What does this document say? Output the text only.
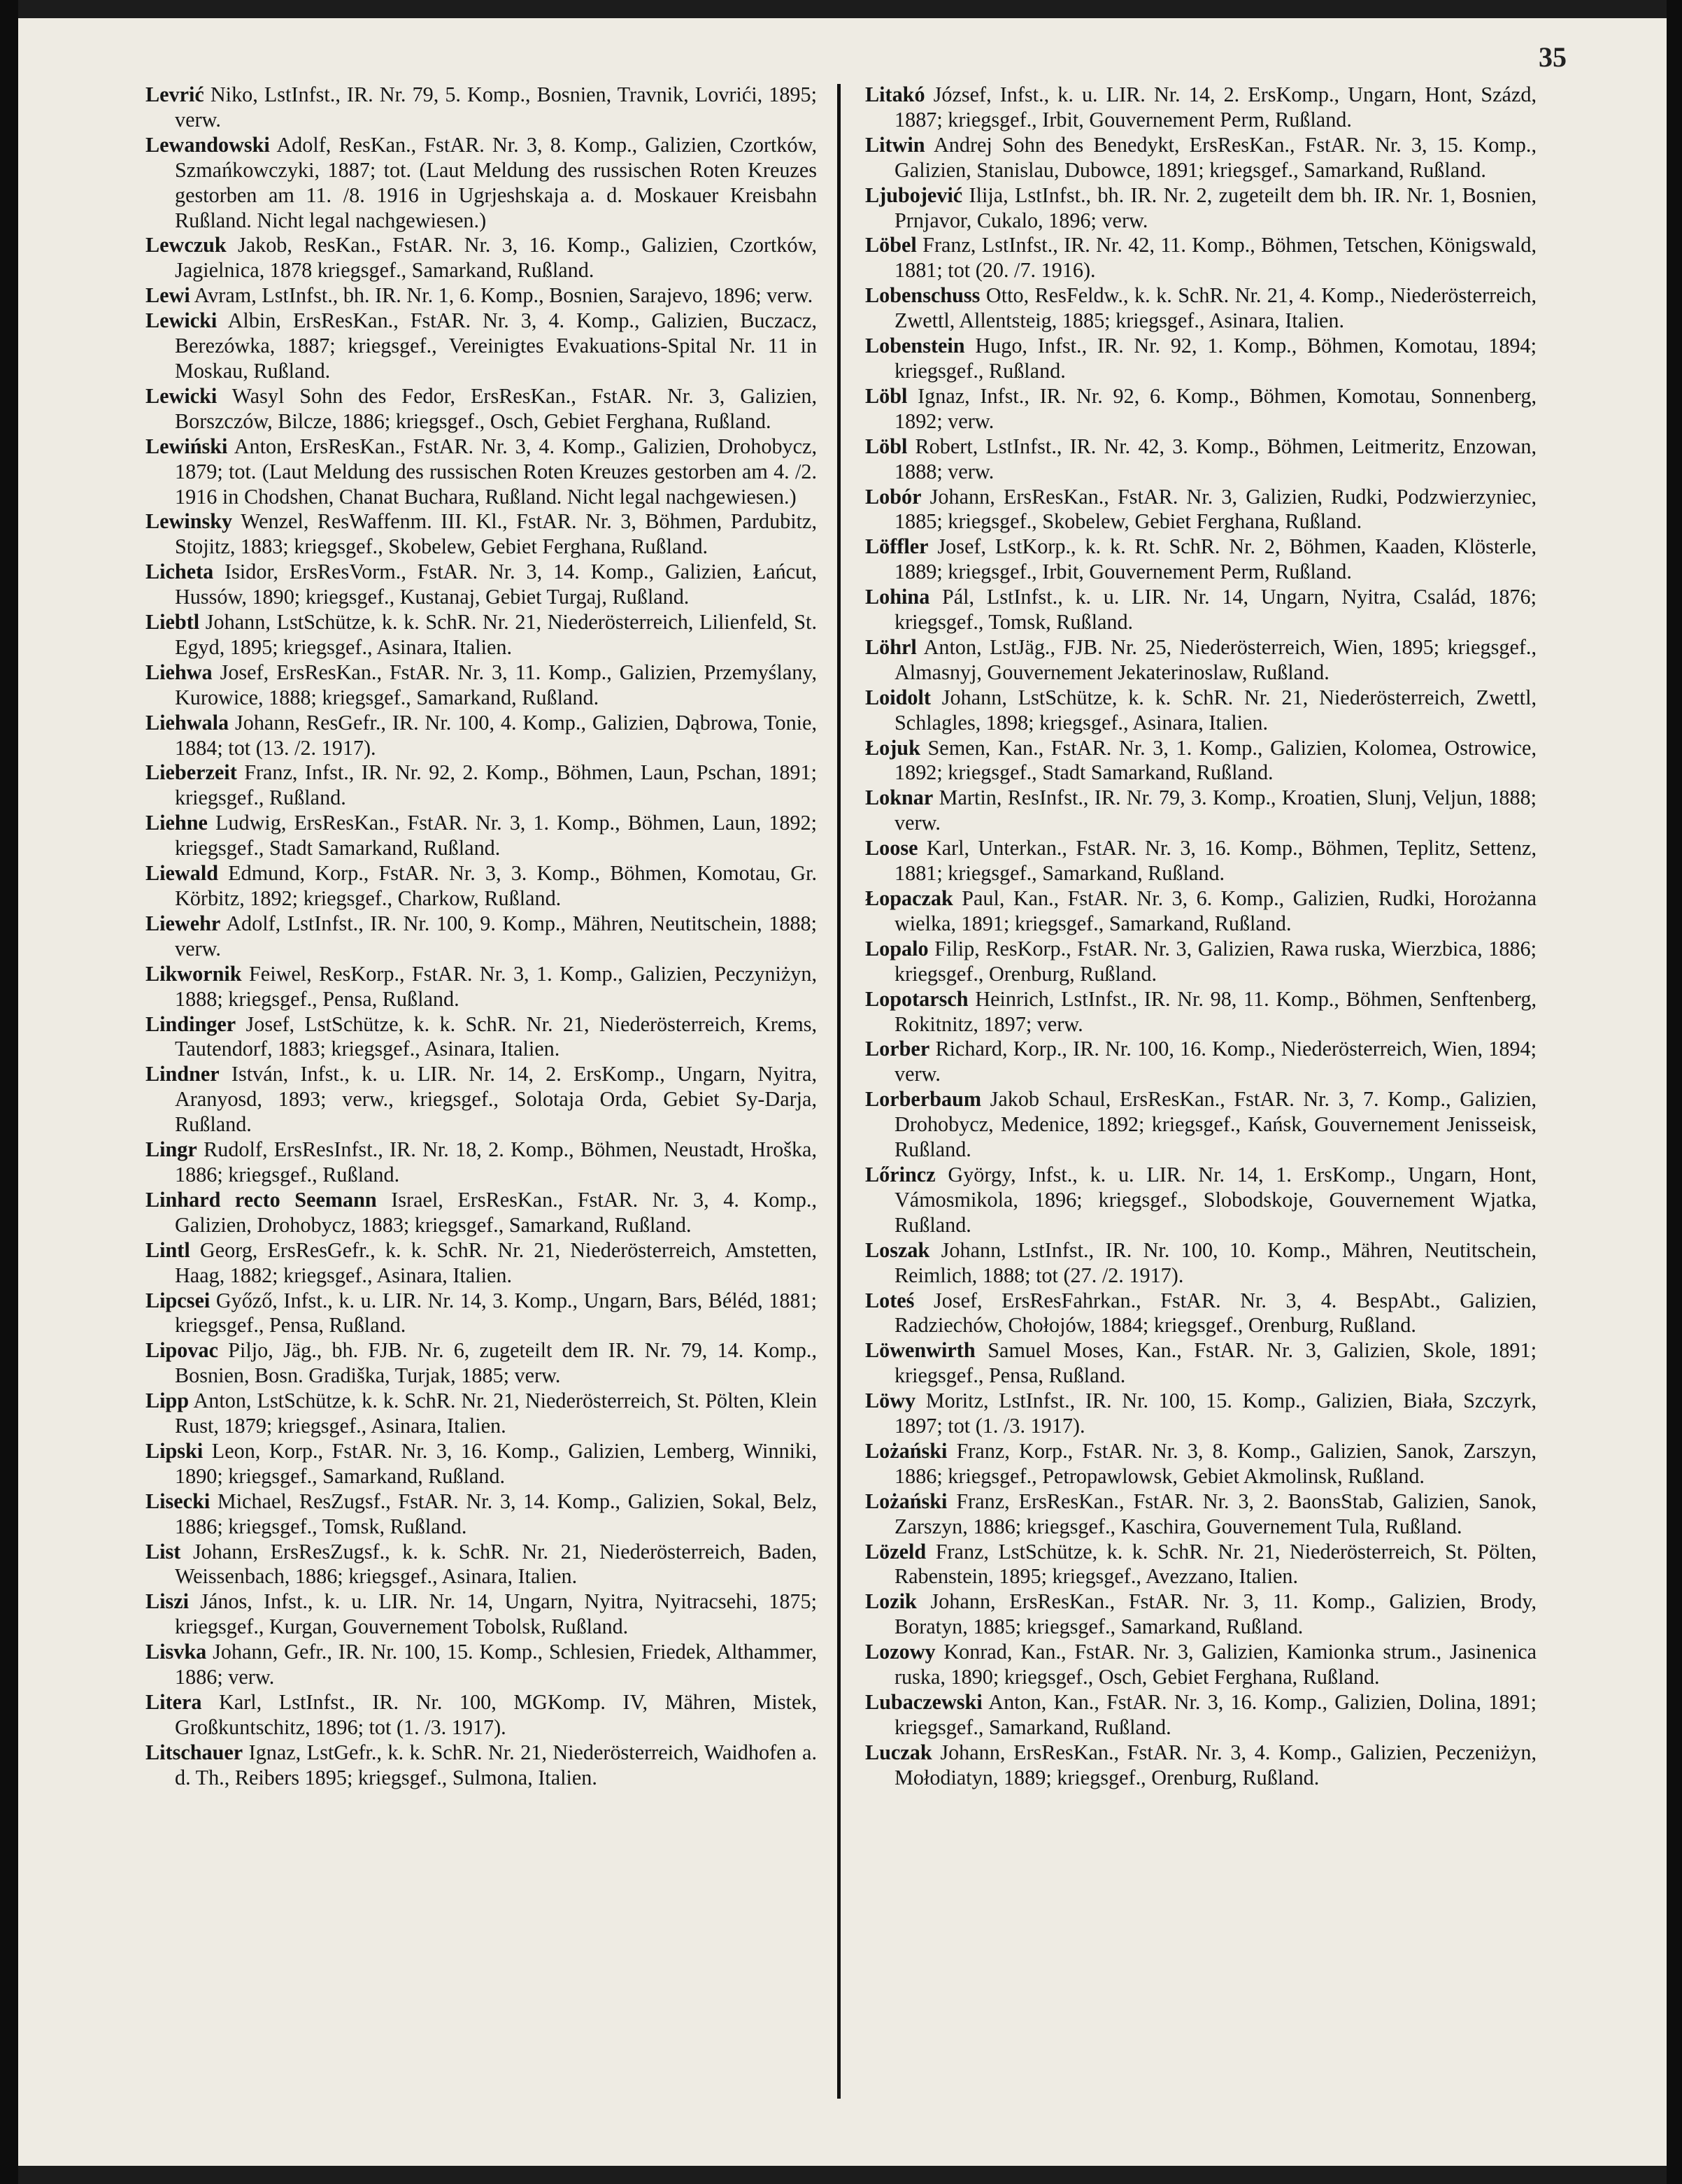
35

Levrić Niko, LstInfst., IR. Nr. 79, 5. Komp., Bosnien, Travnik, Lovrići, 1895; verw.

Lewandowski Adolf, ResKan., FstAR. Nr. 3, 8. Komp., Galizien, Czortków, Szmańkowczyki, 1887; tot. (Laut Meldung des russischen Roten Kreuzes gestorben am 11. /8. 1916 in Ugrjeshskaja a. d. Moskauer Kreisbahn Rußland. Nicht legal nachgewiesen.)

Lewczuk Jakob, ResKan., FstAR. Nr. 3, 16. Komp., Galizien, Czortków, Jagielnica, 1878 kriegsgef., Samarkand, Rußland.

Lewi Avram, LstInfst., bh. IR. Nr. 1, 6. Komp., Bosnien, Sarajevo, 1896; verw.

Lewicki Albin, ErsResKan., FstAR. Nr. 3, 4. Komp., Galizien, Buczacz, Berezówka, 1887; kriegsgef., Vereinigtes Evakuations-Spital Nr. 11 in Moskau, Rußland.

Lewicki Wasyl Sohn des Fedor, ErsResKan., FstAR. Nr. 3, Galizien, Borszczów, Bilcze, 1886; kriegsgef., Osch, Gebiet Ferghana, Rußland.

Lewiński Anton, ErsResKan., FstAR. Nr. 3, 4. Komp., Galizien, Drohobycz, 1879; tot. (Laut Meldung des russischen Roten Kreuzes gestorben am 4. /2. 1916 in Chodshen, Chanat Buchara, Rußland. Nicht legal nachgewiesen.)

Lewinsky Wenzel, ResWaffenm. III. Kl., FstAR. Nr. 3, Böhmen, Pardubitz, Stojitz, 1883; kriegsgef., Skobelew, Gebiet Ferghana, Rußland.

Licheta Isidor, ErsResVorm., FstAR. Nr. 3, 14. Komp., Galizien, Łańcut, Hussów, 1890; kriegsgef., Kustanaj, Gebiet Turgaj, Rußland.

Liebtl Johann, LstSchütze, k. k. SchR. Nr. 21, Niederösterreich, Lilienfeld, St. Egyd, 1895; kriegsgef., Asinara, Italien.

Liehwa Josef, ErsResKan., FstAR. Nr. 3, 11. Komp., Galizien, Przemyślany, Kurowice, 1888; kriegsgef., Samarkand, Rußland.

Liehwala Johann, ResGefr., IR. Nr. 100, 4. Komp., Galizien, Dąbrowa, Tonie, 1884; tot (13. /2. 1917).

Lieberzeit Franz, Infst., IR. Nr. 92, 2. Komp., Böhmen, Laun, Pschan, 1891; kriegsgef., Rußland.

Liehne Ludwig, ErsResKan., FstAR. Nr. 3, 1. Komp., Böhmen, Laun, 1892; kriegsgef., Stadt Samarkand, Rußland.

Liewald Edmund, Korp., FstAR. Nr. 3, 3. Komp., Böhmen, Komotau, Gr. Körbitz, 1892; kriegsgef., Charkow, Rußland.

Liewehr Adolf, LstInfst., IR. Nr. 100, 9. Komp., Mähren, Neutitschein, 1888; verw.

Likwornik Feiwel, ResKorp., FstAR. Nr. 3, 1. Komp., Galizien, Peczyniżyn, 1888; kriegsgef., Pensa, Rußland.

Lindinger Josef, LstSchütze, k. k. SchR. Nr. 21, Niederösterreich, Krems, Tautendorf, 1883; kriegsgef., Asinara, Italien.

Lindner István, Infst., k. u. LIR. Nr. 14, 2. ErsKomp., Ungarn, Nyitra, Aranyosd, 1893; verw., kriegsgef., Solotaja Orda, Gebiet Sy-Darja, Rußland.

Lingr Rudolf, ErsResInfst., IR. Nr. 18, 2. Komp., Böhmen, Neustadt, Hroška, 1886; kriegsgef., Rußland.

Linhard recto Seemann Israel, ErsResKan., FstAR. Nr. 3, 4. Komp., Galizien, Drohobycz, 1883; kriegsgef., Samarkand, Rußland.

Lintl Georg, ErsResGefr., k. k. SchR. Nr. 21, Niederösterreich, Amstetten, Haag, 1882; kriegsgef., Asinara, Italien.

Lipcsei Győző, Infst., k. u. LIR. Nr. 14, 3. Komp., Ungarn, Bars, Béléd, 1881; kriegsgef., Pensa, Rußland.

Lipovac Piljo, Jäg., bh. FJB. Nr. 6, zugeteilt dem IR. Nr. 79, 14. Komp., Bosnien, Bosn. Gradiška, Turjak, 1885; verw.

Lipp Anton, LstSchütze, k. k. SchR. Nr. 21, Niederösterreich, St. Pölten, Klein Rust, 1879; kriegsgef., Asinara, Italien.

Lipski Leon, Korp., FstAR. Nr. 3, 16. Komp., Galizien, Lemberg, Winniki, 1890; kriegsgef., Samarkand, Rußland.

Lisecki Michael, ResZugsf., FstAR. Nr. 3, 14. Komp., Galizien, Sokal, Belz, 1886; kriegsgef., Tomsk, Rußland.

List Johann, ErsResZugsf., k. k. SchR. Nr. 21, Niederösterreich, Baden, Weissenbach, 1886; kriegsgef., Asinara, Italien.

Liszi János, Infst., k. u. LIR. Nr. 14, Ungarn, Nyitra, Nyitracsehi, 1875; kriegsgef., Kurgan, Gouvernement Tobolsk, Rußland.

Lisvka Johann, Gefr., IR. Nr. 100, 15. Komp., Schlesien, Friedek, Althammer, 1886; verw.

Litera Karl, LstInfst., IR. Nr. 100, MGKomp. IV, Mähren, Mistek, Großkuntschitz, 1896; tot (1. /3. 1917).

Litschauer Ignaz, LstGefr., k. k. SchR. Nr. 21, Niederösterreich, Waidhofen a. d. Th., Reibers 1895; kriegsgef., Sulmona, Italien.

Litakó József, Infst., k. u. LIR. Nr. 14, 2. ErsKomp., Ungarn, Hont, Százd, 1887; kriegsgef., Irbit, Gouvernement Perm, Rußland.

Litwin Andrej Sohn des Benedykt, ErsResKan., FstAR. Nr. 3, 15. Komp., Galizien, Stanislau, Dubowce, 1891; kriegsgef., Samarkand, Rußland.

Ljubojević Ilija, LstInfst., bh. IR. Nr. 2, zugeteilt dem bh. IR. Nr. 1, Bosnien, Prnjavor, Cukalo, 1896; verw.

Löbel Franz, LstInfst., IR. Nr. 42, 11. Komp., Böhmen, Tetschen, Königswald, 1881; tot (20. /7. 1916).

Lobenschuss Otto, ResFeldw., k. k. SchR. Nr. 21, 4. Komp., Niederösterreich, Zwettl, Allentsteig, 1885; kriegsgef., Asinara, Italien.

Lobenstein Hugo, Infst., IR. Nr. 92, 1. Komp., Böhmen, Komotau, 1894; kriegsgef., Rußland.

Löbl Ignaz, Infst., IR. Nr. 92, 6. Komp., Böhmen, Komotau, Sonnenberg, 1892; verw.

Löbl Robert, LstInfst., IR. Nr. 42, 3. Komp., Böhmen, Leitmeritz, Enzowan, 1888; verw.

Lobór Johann, ErsResKan., FstAR. Nr. 3, Galizien, Rudki, Podzwierzyniec, 1885; kriegsgef., Skobelew, Gebiet Ferghana, Rußland.

Löffler Josef, LstKorp., k. k. Rt. SchR. Nr. 2, Böhmen, Kaaden, Klösterle, 1889; kriegsgef., Irbit, Gouvernement Perm, Rußland.

Lohina Pál, LstInfst., k. u. LIR. Nr. 14, Ungarn, Nyitra, Család, 1876; kriegsgef., Tomsk, Rußland.

Löhrl Anton, LstJäg., FJB. Nr. 25, Niederösterreich, Wien, 1895; kriegsgef., Almasnyj, Gouvernement Jekaterinoslaw, Rußland.

Loidolt Johann, LstSchütze, k. k. SchR. Nr. 21, Niederösterreich, Zwettl, Schlagles, 1898; kriegsgef., Asinara, Italien.

Łojuk Semen, Kan., FstAR. Nr. 3, 1. Komp., Galizien, Kolomea, Ostrowice, 1892; kriegsgef., Stadt Samarkand, Rußland.

Loknar Martin, ResInfst., IR. Nr. 79, 3. Komp., Kroatien, Slunj, Veljun, 1888; verw.

Loose Karl, Unterkan., FstAR. Nr. 3, 16. Komp., Böhmen, Teplitz, Settenz, 1881; kriegsgef., Samarkand, Rußland.

Łopaczak Paul, Kan., FstAR. Nr. 3, 6. Komp., Galizien, Rudki, Horożanna wielka, 1891; kriegsgef., Samarkand, Rußland.

Lopalo Filip, ResKorp., FstAR. Nr. 3, Galizien, Rawa ruska, Wierzbica, 1886; kriegsgef., Orenburg, Rußland.

Lopotarsch Heinrich, LstInfst., IR. Nr. 98, 11. Komp., Böhmen, Senftenberg, Rokitnitz, 1897; verw.

Lorber Richard, Korp., IR. Nr. 100, 16. Komp., Niederösterreich, Wien, 1894; verw.

Lorberbaum Jakob Schaul, ErsResKan., FstAR. Nr. 3, 7. Komp., Galizien, Drohobycz, Medenice, 1892; kriegsgef., Kańsk, Gouvernement Jenisseisk, Rußland.

Lőrincz György, Infst., k. u. LIR. Nr. 14, 1. ErsKomp., Ungarn, Hont, Vámosmikola, 1896; kriegsgef., Slobodskoje, Gouvernement Wjatka, Rußland.

Loszak Johann, LstInfst., IR. Nr. 100, 10. Komp., Mähren, Neutitschein, Reimlich, 1888; tot (27. /2. 1917).

Loteś Josef, ErsResFahrkan., FstAR. Nr. 3, 4. BespAbt., Galizien, Radziechów, Chołojów, 1884; kriegsgef., Orenburg, Rußland.

Löwenwirth Samuel Moses, Kan., FstAR. Nr. 3, Galizien, Skole, 1891; kriegsgef., Pensa, Rußland.

Löwy Moritz, LstInfst., IR. Nr. 100, 15. Komp., Galizien, Biała, Szczyrk, 1897; tot (1. /3. 1917).

Lożański Franz, Korp., FstAR. Nr. 3, 8. Komp., Galizien, Sanok, Zarszyn, 1886; kriegsgef., Petropawlowsk, Gebiet Akmolinsk, Rußland.

Lożański Franz, ErsResKan., FstAR. Nr. 3, 2. BaonsStab, Galizien, Sanok, Zarszyn, 1886; kriegsgef., Kaschira, Gouvernement Tula, Rußland.

Lözeld Franz, LstSchütze, k. k. SchR. Nr. 21, Niederösterreich, St. Pölten, Rabenstein, 1895; kriegsgef., Avezzano, Italien.

Lozik Johann, ErsResKan., FstAR. Nr. 3, 11. Komp., Galizien, Brody, Boratyn, 1885; kriegsgef., Samarkand, Rußland.

Lozowy Konrad, Kan., FstAR. Nr. 3, Galizien, Kamionka strum., Jasinenica ruska, 1890; kriegsgef., Osch, Gebiet Ferghana, Rußland.

Lubaczewski Anton, Kan., FstAR. Nr. 3, 16. Komp., Galizien, Dolina, 1891; kriegsgef., Samarkand, Rußland.

Luczak Johann, ErsResKan., FstAR. Nr. 3, 4. Komp., Galizien, Peczeniżyn, Mołodiatyn, 1889; kriegsgef., Orenburg, Rußland.
